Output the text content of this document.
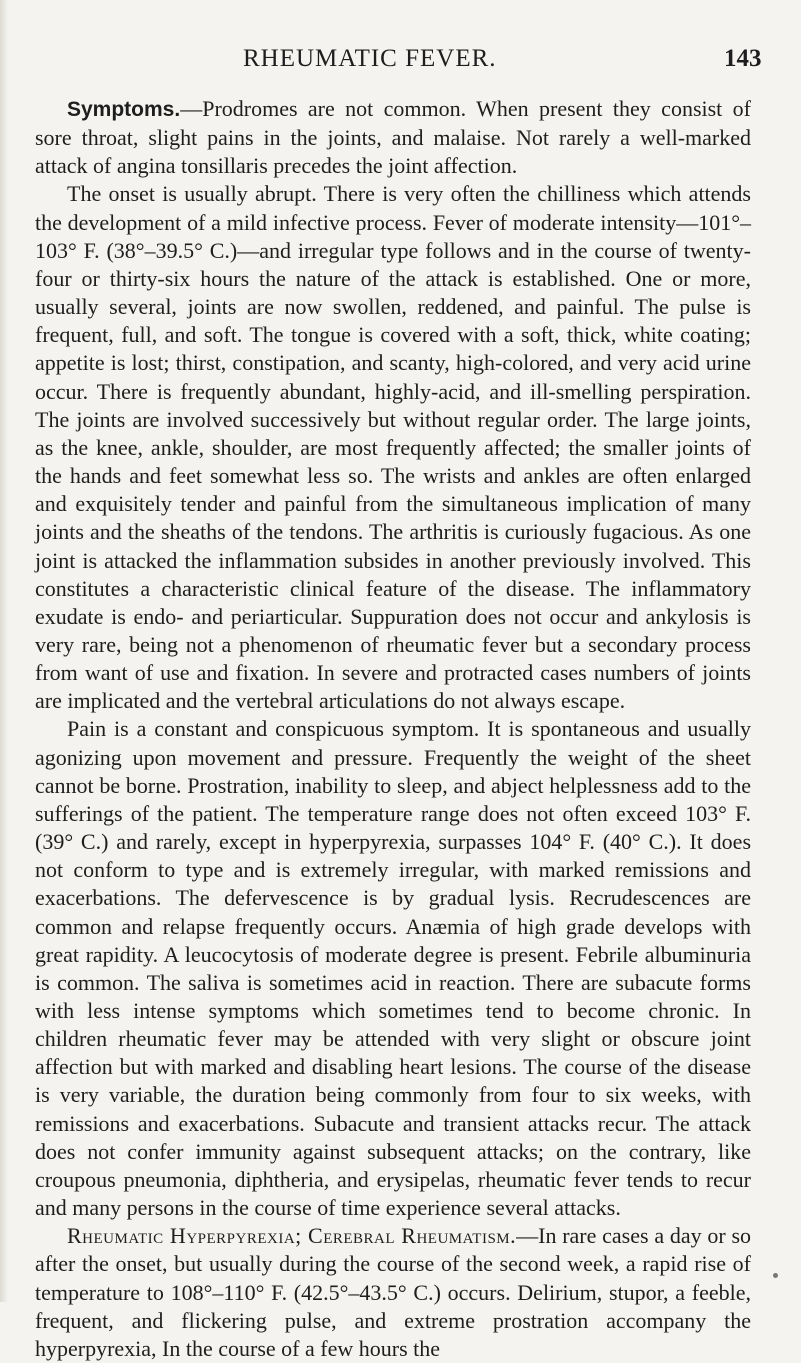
RHEUMATIC FEVER.	143

Symptoms.—Prodromes are not common. When present they consist of sore throat, slight pains in the joints, and malaise. Not rarely a well-marked attack of angina tonsillaris precedes the joint affection.

The onset is usually abrupt. There is very often the chilliness which attends the development of a mild infective process. Fever of moderate intensity—101°–103° F. (38°–39.5° C.)—and irregular type follows and in the course of twenty-four or thirty-six hours the nature of the attack is established. One or more, usually several, joints are now swollen, reddened, and painful. The pulse is frequent, full, and soft. The tongue is covered with a soft, thick, white coating; appetite is lost; thirst, constipation, and scanty, high-colored, and very acid urine occur. There is frequently abundant, highly-acid, and ill-smelling perspiration. The joints are involved successively but without regular order. The large joints, as the knee, ankle, shoulder, are most frequently affected; the smaller joints of the hands and feet somewhat less so. The wrists and ankles are often enlarged and exquisitely tender and painful from the simultaneous implication of many joints and the sheaths of the tendons. The arthritis is curiously fugacious. As one joint is attacked the inflammation subsides in another previously involved. This constitutes a characteristic clinical feature of the disease. The inflammatory exudate is endo- and periarticular. Suppuration does not occur and ankylosis is very rare, being not a phenomenon of rheumatic fever but a secondary process from want of use and fixation. In severe and protracted cases numbers of joints are implicated and the vertebral articulations do not always escape.

Pain is a constant and conspicuous symptom. It is spontaneous and usually agonizing upon movement and pressure. Frequently the weight of the sheet cannot be borne. Prostration, inability to sleep, and abject helplessness add to the sufferings of the patient. The temperature range does not often exceed 103° F. (39° C.) and rarely, except in hyperpyrexia, surpasses 104° F. (40° C.). It does not conform to type and is extremely irregular, with marked remissions and exacerbations. The defervescence is by gradual lysis. Recrudescences are common and relapse frequently occurs. Anæmia of high grade develops with great rapidity. A leucocytosis of moderate degree is present. Febrile albuminuria is common. The saliva is sometimes acid in reaction. There are subacute forms with less intense symptoms which sometimes tend to become chronic. In children rheumatic fever may be attended with very slight or obscure joint affection but with marked and disabling heart lesions. The course of the disease is very variable, the duration being commonly from four to six weeks, with remissions and exacerbations. Subacute and transient attacks recur. The attack does not confer immunity against subsequent attacks; on the contrary, like croupous pneumonia, diphtheria, and erysipelas, rheumatic fever tends to recur and many persons in the course of time experience several attacks.

Rheumatic Hyperpyrexia; Cerebral Rheumatism.—In rare cases a day or so after the onset, but usually during the course of the second week, a rapid rise of temperature to 108°–110° F. (42.5°–43.5° C.) occurs. Delirium, stupor, a feeble, frequent, and flickering pulse, and extreme prostration accompany the hyperpyrexia, In the course of a few hours the
